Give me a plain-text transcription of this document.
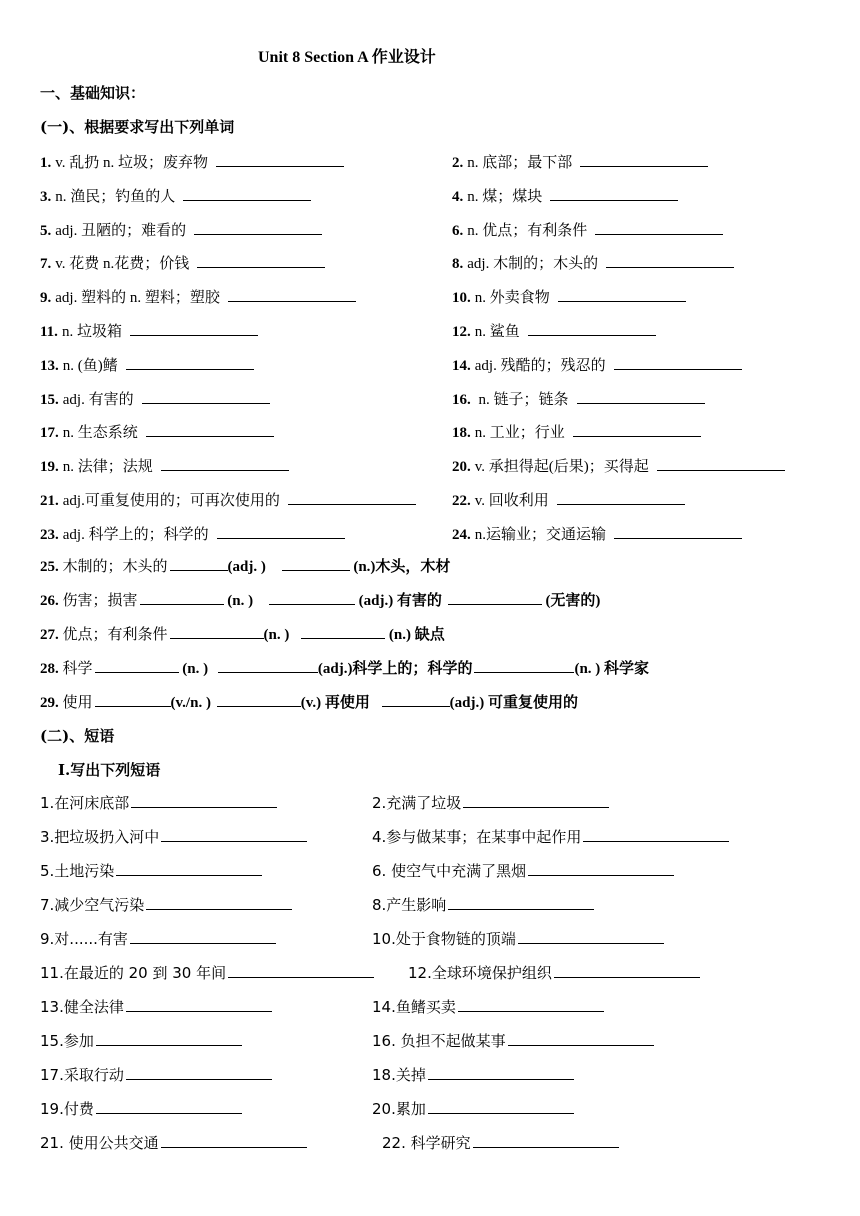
Unit 8 Section A 作业设计
一、基础知识：
(一)、根据要求写出下列单词
1. v. 乱扔 n. 垃圾；废弃物	2. n. 底部；最下部
3. n. 渔民；钓鱼的人	4. n. 煤；煤块
5. adj. 丑陋的；难看的	6. n. 优点；有利条件
7. v. 花费 n.花费；价钱	8. adj. 木制的；木头的
9. adj. 塑料的 n. 塑料；塑胶	10. n. 外卖食物
11. n. 垃圾箱	12. n. 鲨鱼
13. n. (鱼)鳍	14. adj. 残酷的；残忍的
15. adj. 有害的	16. n. 链子；链条
17. n. 生态系统	18. n. 工业；行业
19. n. 法律；法规	20. v. 承担得起(后果)；买得起
21. adj.可重复使用的；可再次使用的	22. v. 回收利用
23. adj. 科学上的；科学的	24. n.运输业；交通运输
25. 木制的；木头的	(adj. )	(n.)木头，木材
26. 伤害；损害	(n. )	(adj.) 有害的	(无害的)
27. 优点；有利条件	(n. )	(n.) 缺点
28. 科学	(n. )	(adj.)科学上的；科学的	(n. ) 科学家
29. 使用	(v./n. )	(v.) 再使用	(adj.) 可重复使用的
(二)、短语
I.写出下列短语
1.在河床底部	2.充满了垃圾
3.把垃圾扔入河中	4.参与做某事；在某事中起作用
5.土地污染	6. 使空气中充满了黑烟
7.减少空气污染	8.产生影响
9.对......有害	10.处于食物链的顶端
11.在最近的 20 到 30 年间	12.全球环境保护组织
13.健全法律	14.鱼鳍买卖
15.参加	16. 负担不起做某事
17.采取行动	18.关掉
19.付费	20.累加
21. 使用公共交通	22. 科学研究
